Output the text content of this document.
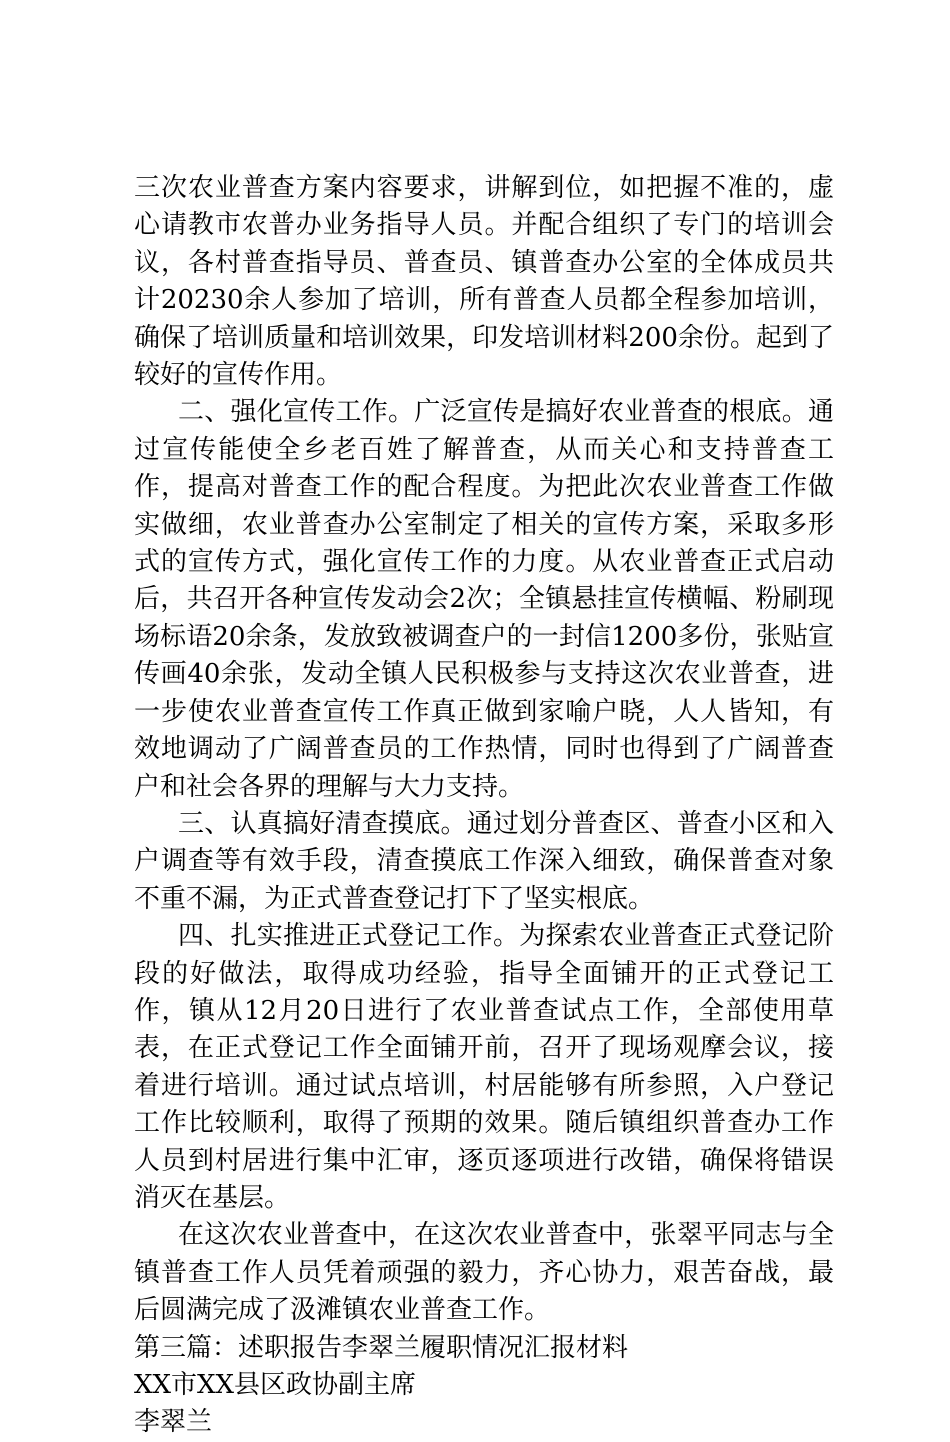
三次农业普查方案内容要求，讲解到位，如把握不准的，虚心请教市农普办业务指导人员。并配合组织了专门的培训会议，各村普查指导员、普查员、镇普查办公室的全体成员共计20230余人参加了培训，所有普查人员都全程参加培训，确保了培训质量和培训效果，印发培训材料200余份。起到了较好的宣传作用。

二、强化宣传工作。广泛宣传是搞好农业普查的根底。通过宣传能使全乡老百姓了解普查，从而关心和支持普查工作，提高对普查工作的配合程度。为把此次农业普查工作做实做细，农业普查办公室制定了相关的宣传方案，采取多形式的宣传方式，强化宣传工作的力度。从农业普查正式启动后，共召开各种宣传发动会2次；全镇悬挂宣传横幅、粉刷现场标语20余条，发放致被调查户的一封信1200多份，张贴宣传画40余张，发动全镇人民积极参与支持这次农业普查，进一步使农业普查宣传工作真正做到家喻户晓，人人皆知，有效地调动了广阔普查员的工作热情，同时也得到了广阔普查户和社会各界的理解与大力支持。

三、认真搞好清查摸底。通过划分普查区、普查小区和入户调查等有效手段，清查摸底工作深入细致，确保普查对象不重不漏，为正式普查登记打下了坚实根底。

四、扎实推进正式登记工作。为探索农业普查正式登记阶段的好做法，取得成功经验，指导全面铺开的正式登记工作，镇从12月20日进行了农业普查试点工作，全部使用草表，在正式登记工作全面铺开前，召开了现场观摩会议，接着进行培训。通过试点培训，村居能够有所参照，入户登记工作比较顺利，取得了预期的效果。随后镇组织普查办工作人员到村居进行集中汇审，逐页逐项进行改错，确保将错误消灭在基层。

在这次农业普查中，在这次农业普查中，张翠平同志与全镇普查工作人员凭着顽强的毅力，齐心协力，艰苦奋战，最后圆满完成了汲滩镇农业普查工作。

第三篇：述职报告李翠兰履职情况汇报材料

XX市XX县区政协副主席

李翠兰
